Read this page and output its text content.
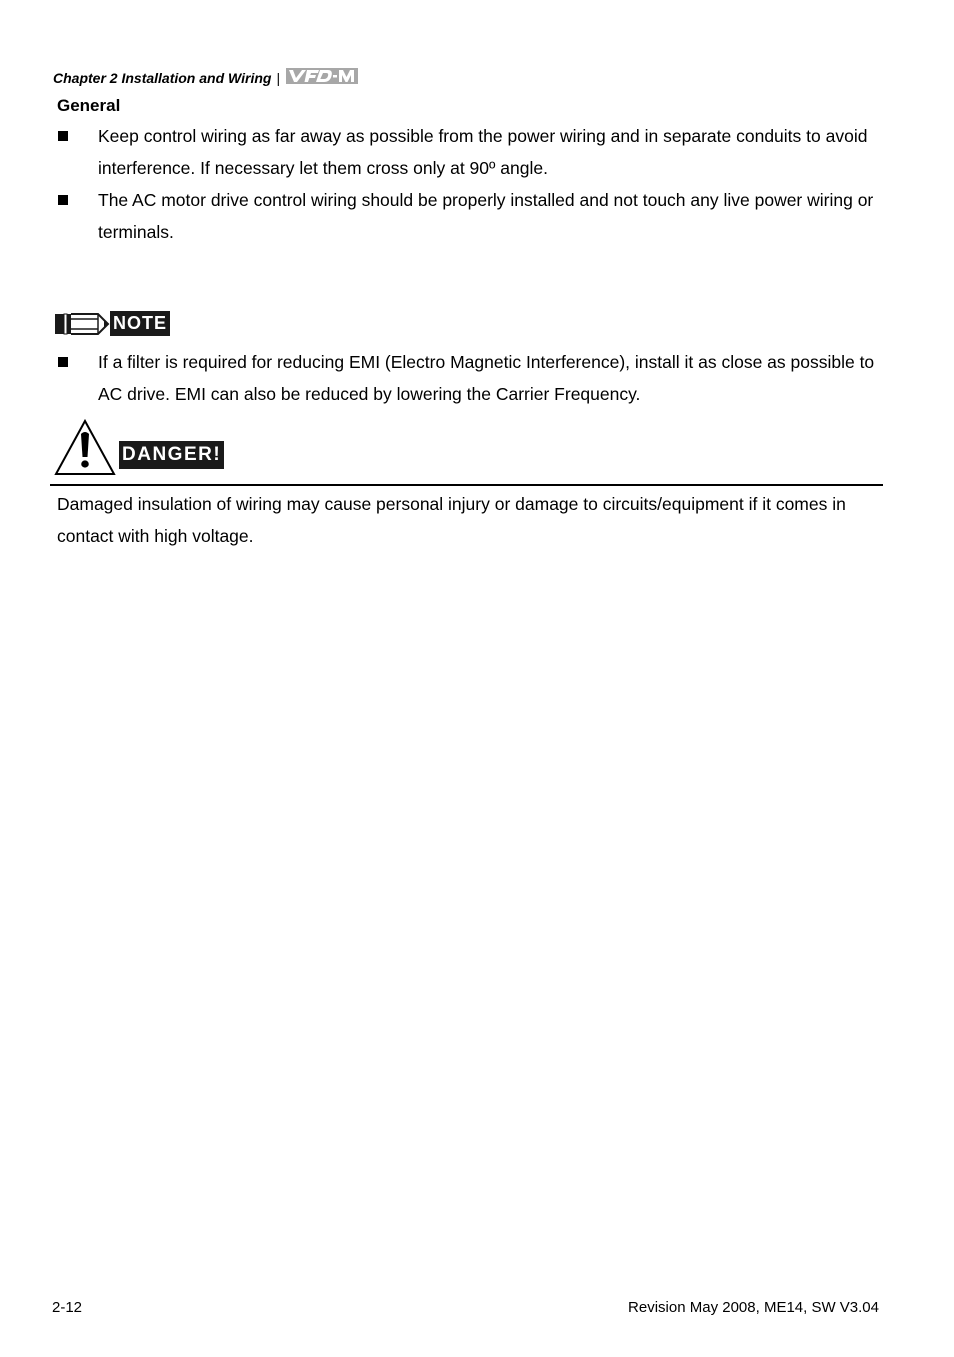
Chapter 2 Installation and Wiring |
General
Keep control wiring as far away as possible from the power wiring and in separate conduits to avoid interference. If necessary let them cross only at 90º angle.
The AC motor drive control wiring should be properly installed and not touch any live power wiring or terminals.
NOTE
If a filter is required for reducing EMI (Electro Magnetic Interference), install it as close as possible to AC drive. EMI can also be reduced by lowering the Carrier Frequency.
DANGER!

Damaged insulation of wiring may cause personal injury or damage to circuits/equipment if it comes in contact with high voltage.

2-12	Revision May 2008, ME14, SW V3.04
